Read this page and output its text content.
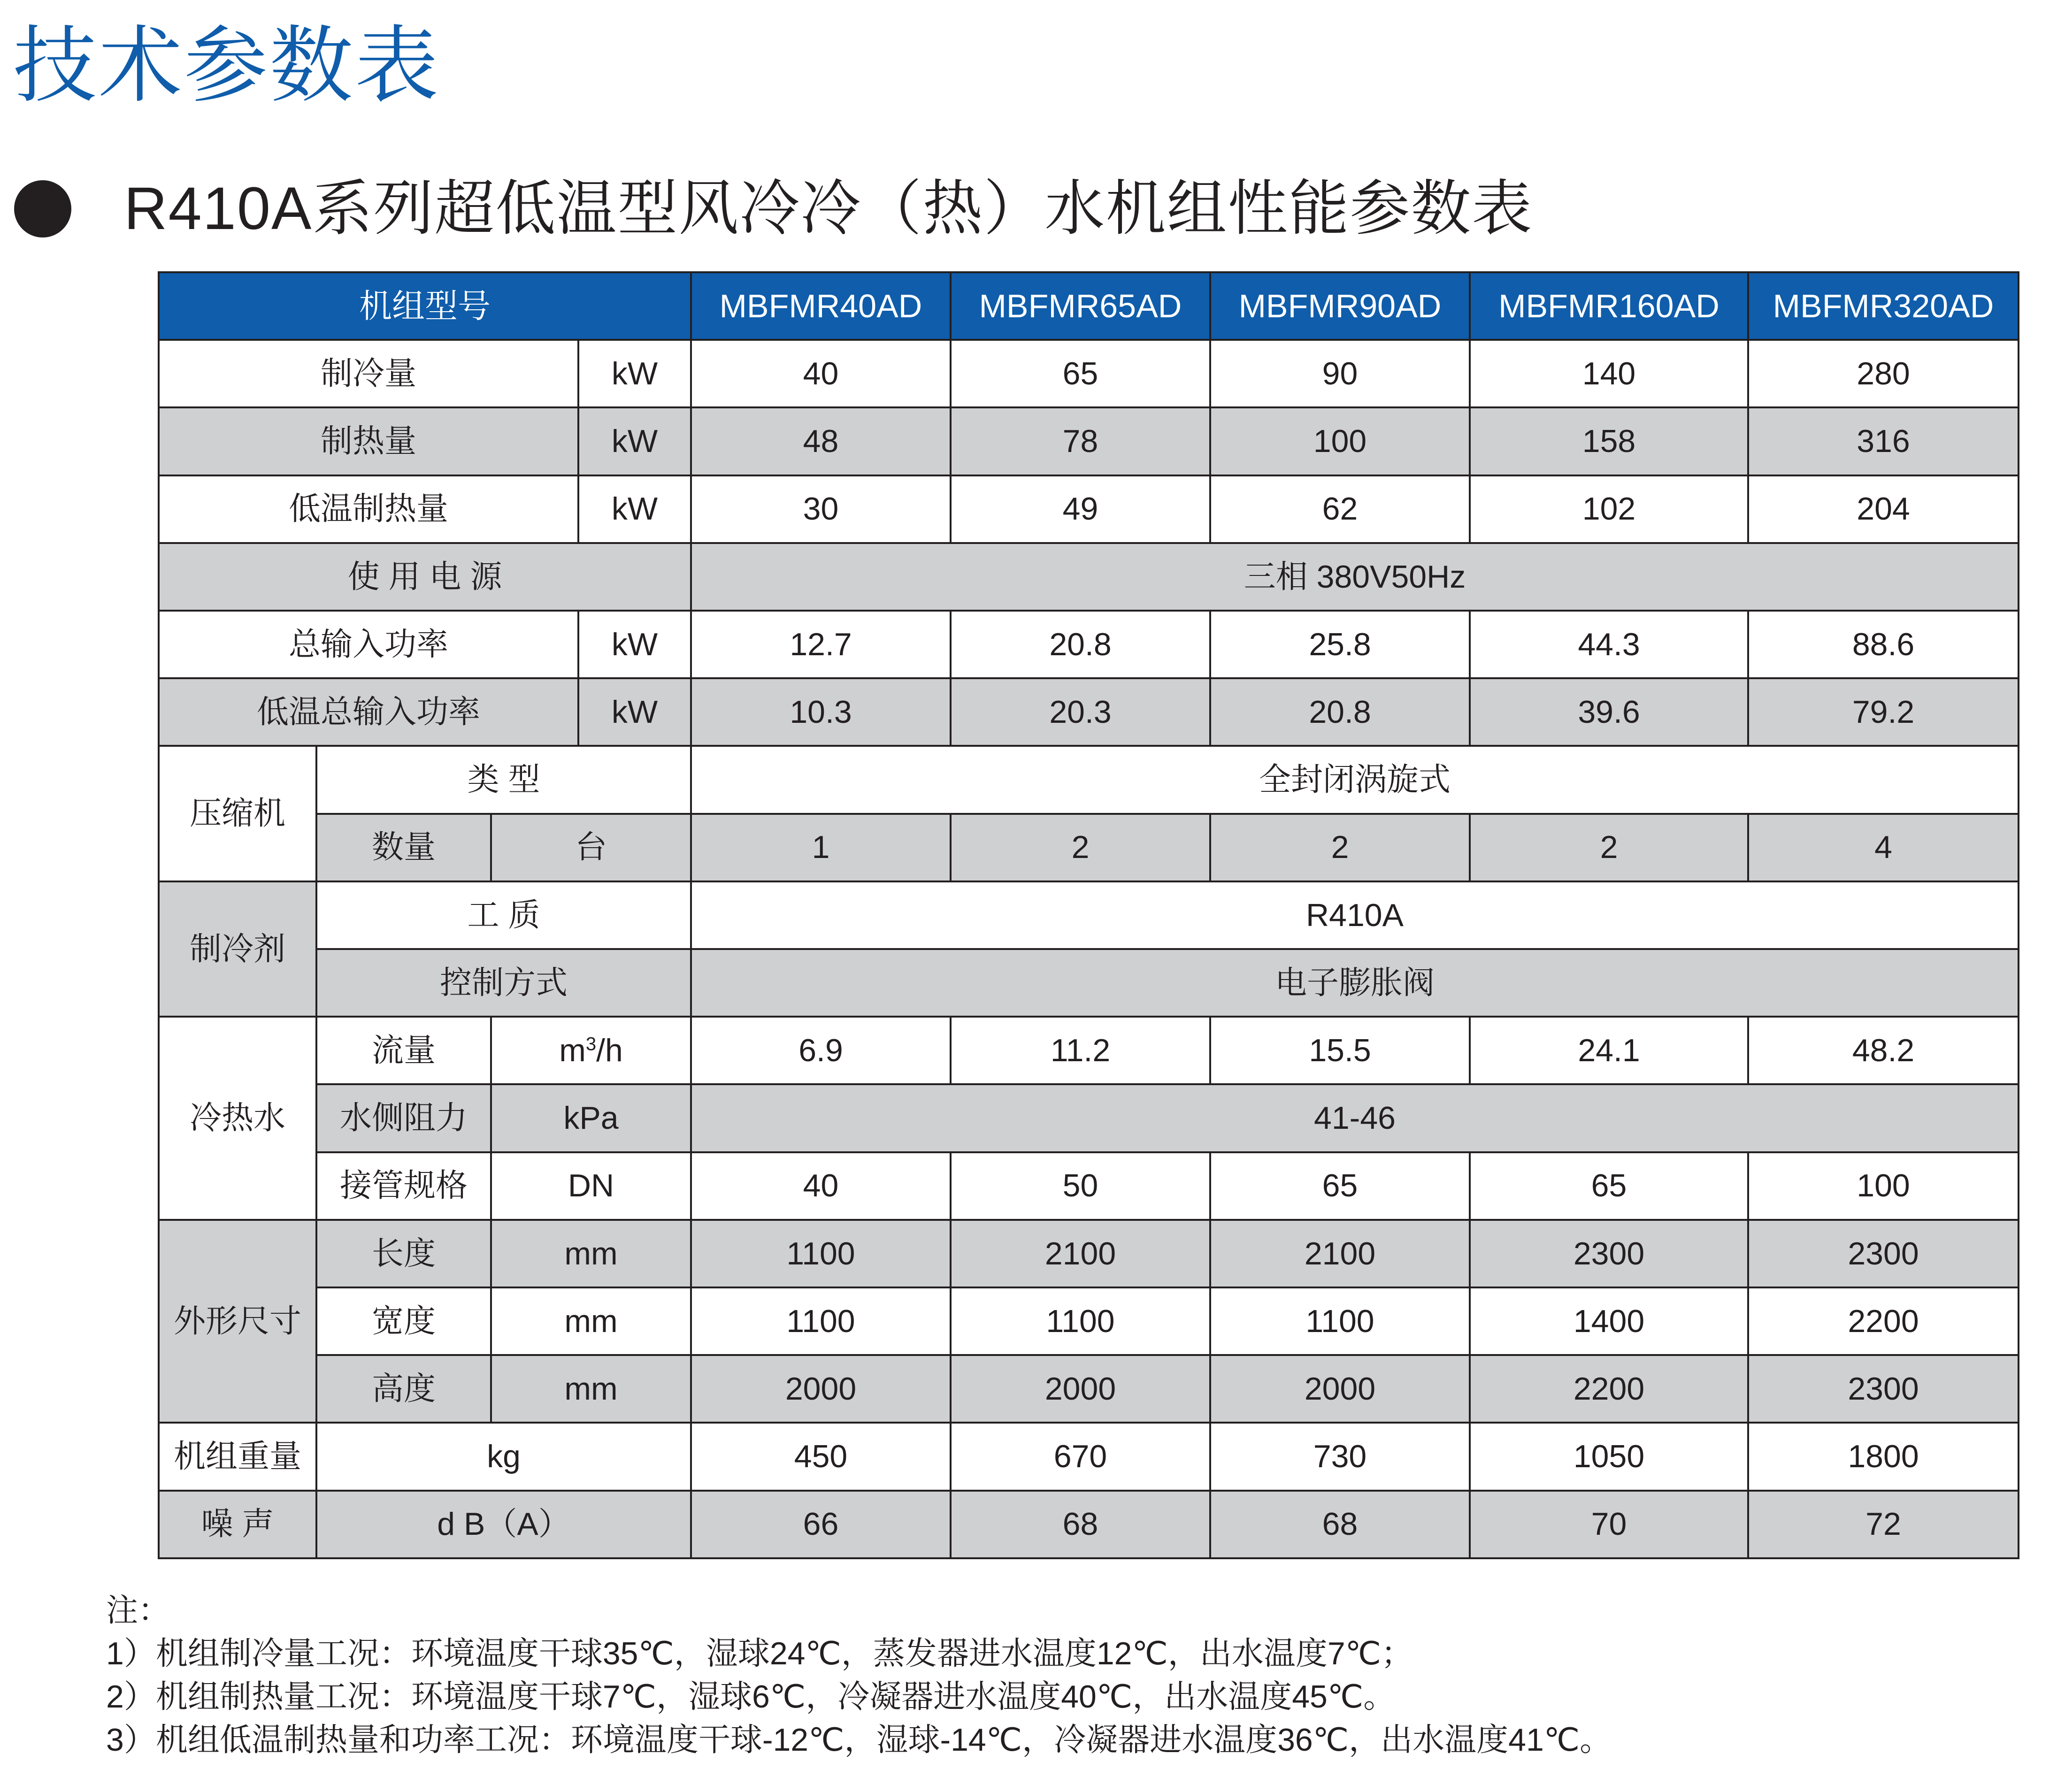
技术参数表
R410A系列超低温型风冷冷（热）水机组性能参数表
机组型号				MBFMR40AD	MBFMR65AD	MBFMR90AD	MBFMR160AD	MBFMR320AD
制冷量			kW	40	65	90	140	280
制热量			kW	48	78	100	158	316
低温制热量			kW	30	49	62	102	204
使 用 电 源				三相 380V50Hz				
总输入功率			kW	12.7	20.8	25.8	44.3	88.6
低温总输入功率			kW	10.3	20.3	20.8	39.6	79.2
压缩机	类 型			全封闭涡旋式				
	数量	台		1	2	2	2	4
制冷剂	工 质			R410A				
	控制方式			电子膨胀阀				
冷热水	流量	$m^3/h$		6.9	11.2	15.5	24.1	48.2
	水侧阻力	kPa		41-46				
	接管规格	DN		40	50	65	65	100
外形尺寸	长度	mm		1100	2100	2100	2300	2300
	宽度	mm		1100	1100	1100	1400	2200
	高度	mm		2000	2000	2000	2200	2300
机组重量	kg			450	670	730	1050	1800
噪 声	d B（A）			66	68	68	70	72
注：
1）机组制冷量工况：环境温度干球35℃，湿球24℃，蒸发器进水温度12℃，出水温度7℃；
2）机组制热量工况：环境温度干球7℃，湿球6℃，冷凝器进水温度40℃，出水温度45℃。
3）机组低温制热量和功率工况：环境温度干球-12℃，湿球-14℃，冷凝器进水温度36℃，出水温度41℃。
